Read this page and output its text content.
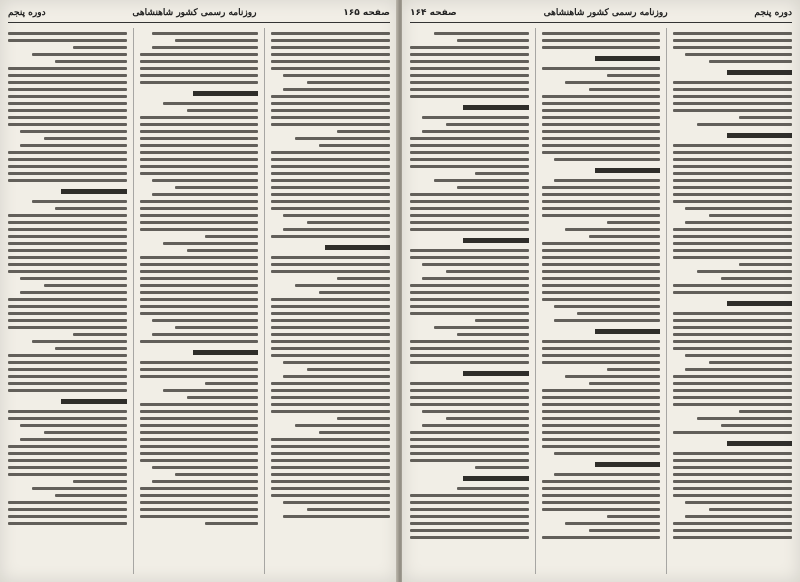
صفحه ۱۶۵
روزنامه رسمی کشور شاهنشاهی
دوره پنجم	دوره پنجم
روزنامه رسمی کشور شاهنشاهی
صفحه ۱۶۴
